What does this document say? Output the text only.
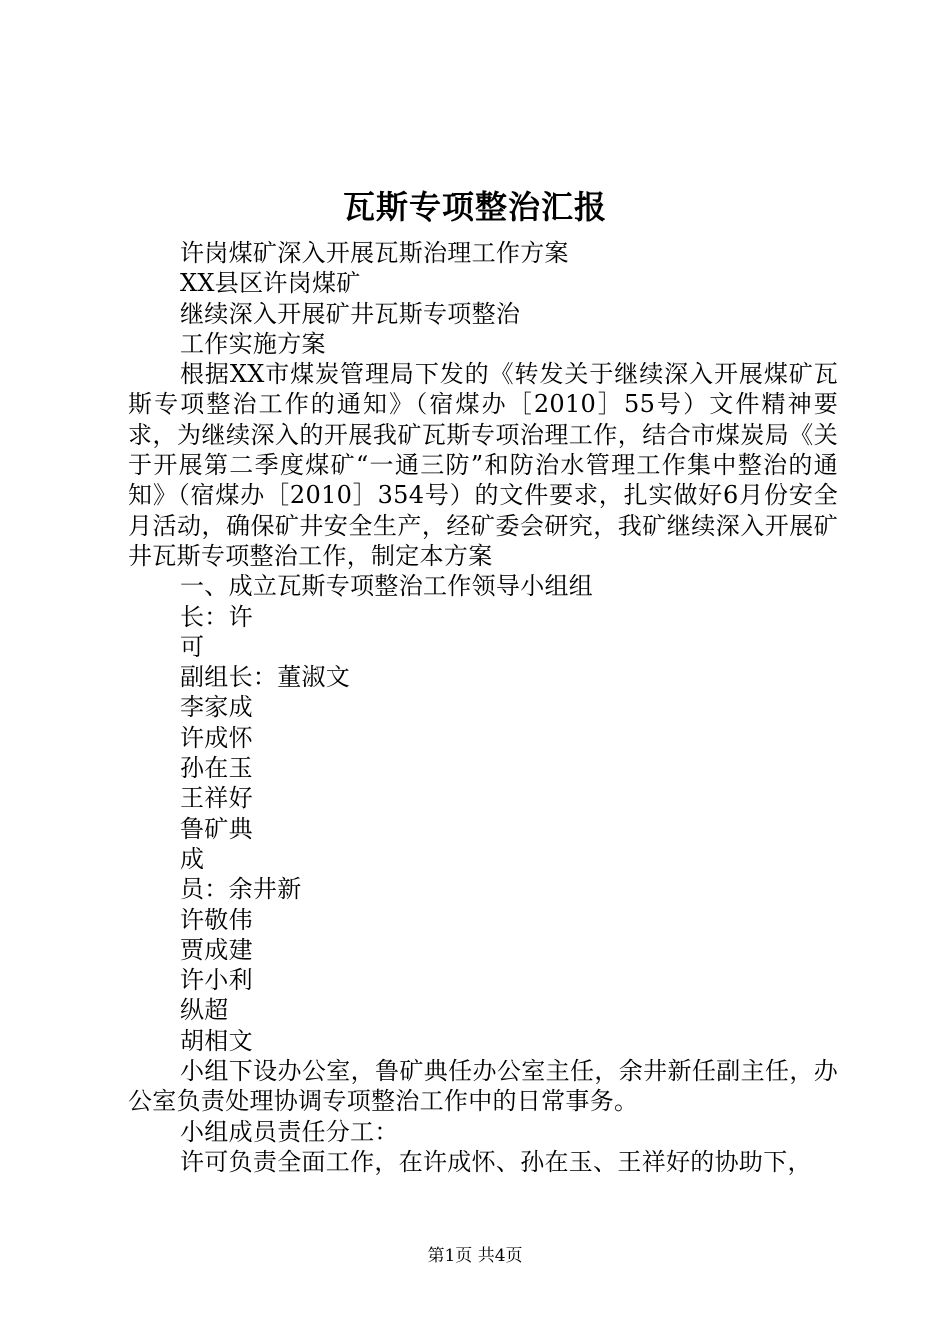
瓦斯专项整治汇报

许岗煤矿深入开展瓦斯治理工作方案

XX县区许岗煤矿

继续深入开展矿井瓦斯专项整治

工作实施方案

根据XX市煤炭管理局下发的《转发关于继续深入开展煤矿瓦斯专项整治工作的通知》（宿煤办［2010］55号）文件精神要求，为继续深入的开展我矿瓦斯专项治理工作，结合市煤炭局《关于开展第二季度煤矿“一通三防”和防治水管理工作集中整治的通知》（宿煤办［2010］354号）的文件要求，扎实做好6月份安全月活动，确保矿井安全生产，经矿委会研究，我矿继续深入开展矿井瓦斯专项整治工作，制定本方案

一、成立瓦斯专项整治工作领导小组组

长：许

可

副组长：董淑文

李家成

许成怀

孙在玉

王祥好

鲁矿典

成

员：余井新

许敬伟

贾成建

许小利

纵超

胡相文

小组下设办公室，鲁矿典任办公室主任，余井新任副主任，办公室负责处理协调专项整治工作中的日常事务。

小组成员责任分工：

许可负责全面工作，在许成怀、孙在玉、王祥好的协助下，

第1页 共4页
